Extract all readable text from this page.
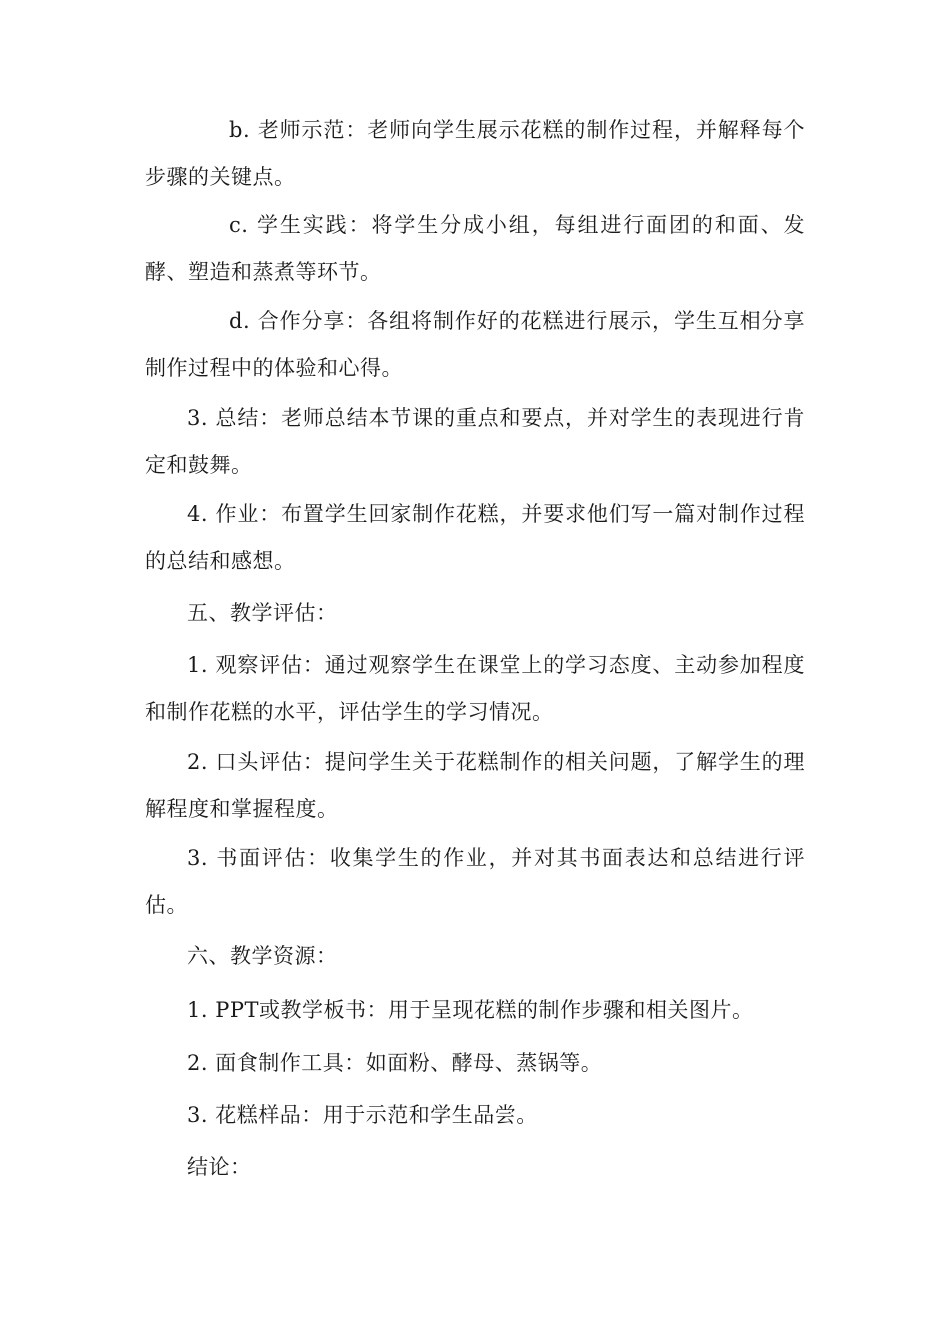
b. 老师示范：老师向学生展示花糕的制作过程，并解释每个步骤的关键点。

c. 学生实践：将学生分成小组，每组进行面团的和面、发酵、塑造和蒸煮等环节。

d. 合作分享：各组将制作好的花糕进行展示，学生互相分享制作过程中的体验和心得。

3. 总结：老师总结本节课的重点和要点，并对学生的表现进行肯定和鼓舞。

4. 作业：布置学生回家制作花糕，并要求他们写一篇对制作过程的总结和感想。

五、教学评估：

1. 观察评估：通过观察学生在课堂上的学习态度、主动参加程度和制作花糕的水平，评估学生的学习情况。

2. 口头评估：提问学生关于花糕制作的相关问题，了解学生的理解程度和掌握程度。

3. 书面评估：收集学生的作业，并对其书面表达和总结进行评估。

六、教学资源：

1. PPT或教学板书：用于呈现花糕的制作步骤和相关图片。

2. 面食制作工具：如面粉、酵母、蒸锅等。

3. 花糕样品：用于示范和学生品尝。

结论：
